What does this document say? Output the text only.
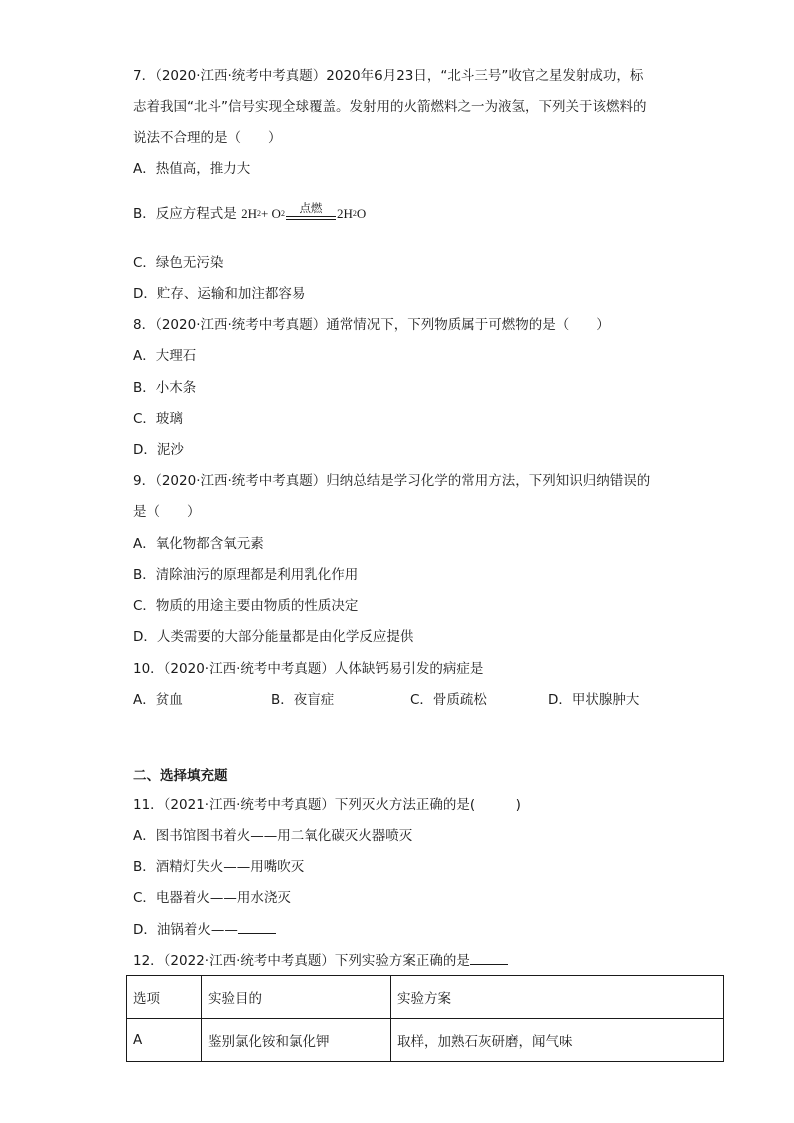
7．（2020·江西·统考中考真题）2020年6月23日，“北斗三号”收官之星发射成功，标
志着我国“北斗”信号实现全球覆盖。发射用的火箭燃料之一为液氢，下列关于该燃料的
说法不合理的是（　　）
A．热值高，推力大
B．反应方程式是 2H 2 + O 2	点燃	2H 2 O
C．绿色无污染
D．贮存、运输和加注都容易
8．（2020·江西·统考中考真题）通常情况下，下列物质属于可燃物的是（　　）
A．大理石
B．小木条
C．玻璃
D．泥沙
9．（2020·江西·统考中考真题）归纳总结是学习化学的常用方法，下列知识归纳错误的
是（　　）
A．氧化物都含氧元素
B．清除油污的原理都是利用乳化作用
C．物质的用途主要由物质的性质决定
D．人类需要的大部分能量都是由化学反应提供
10．（2020·江西·统考中考真题）人体缺钙易引发的病症是
A．贫血	B．夜盲症	C．骨质疏松	D．甲状腺肿大
二、选择填充题
11．（2021·江西·统考中考真题）下列灭火方法正确的是(　　　)
A．图书馆图书着火——用二氧化碳灭火器喷灭
B．酒精灯失火——用嘴吹灭
C．电器着火——用水浇灭
D．油锅着火——
12．（2022·江西·统考中考真题）下列实验方案正确的是
选项	实验目的	实验方案
A	鉴别氯化铵和氯化钾	取样，加熟石灰研磨，闻气味
